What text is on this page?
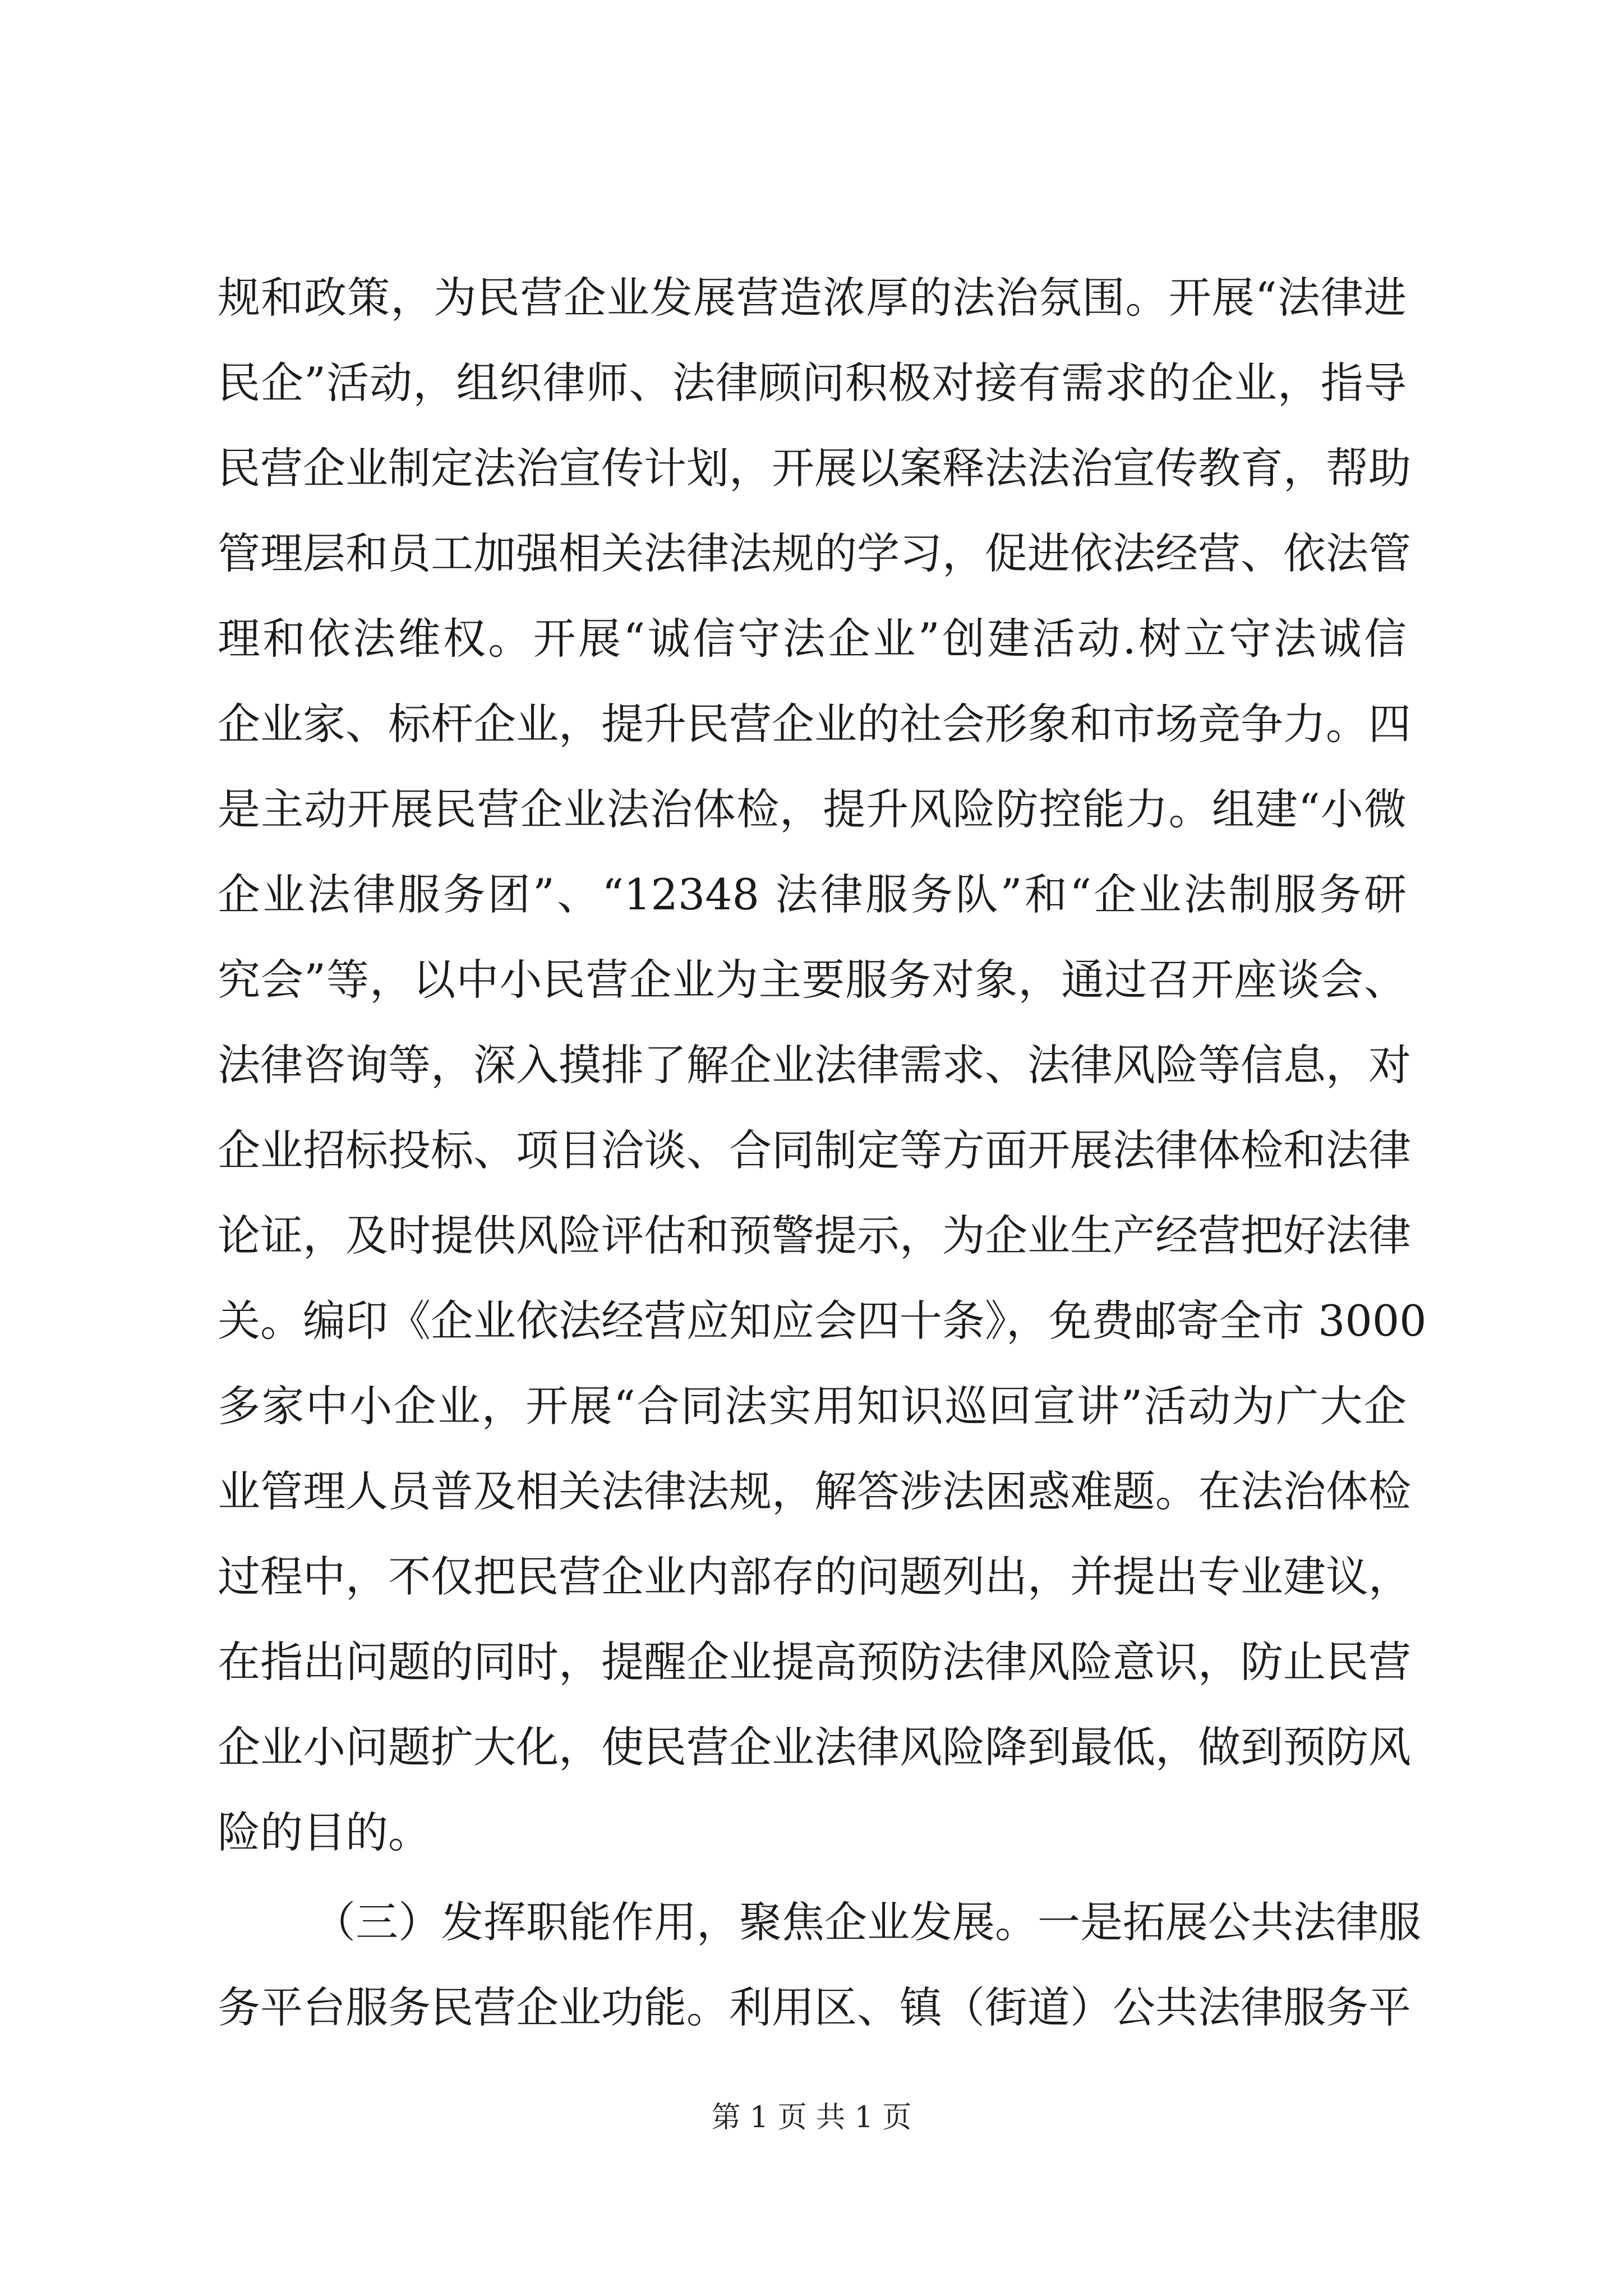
规和政策，为民营企业发展营造浓厚的法治氛围。开展“法律进
民企”活动，组织律师、法律顾问积极对接有需求的企业，指导
民营企业制定法治宣传计划，开展以案释法法治宣传教育，帮助
管理层和员工加强相关法律法规的学习，促进依法经营、依法管
理和依法维权。开展“诚信守法企业”创建活动.树立守法诚信
企业家、标杆企业，提升民营企业的社会形象和市场竞争力。四
是主动开展民营企业法治体检，提升风险防控能力。组建“小微
企业法律服务团”、“12348 法律服务队”和“企业法制服务研
究会”等，以中小民营企业为主要服务对象，通过召开座谈会、
法律咨询等，深入摸排了解企业法律需求、法律风险等信息，对
企业招标投标、项目洽谈、合同制定等方面开展法律体检和法律
论证，及时提供风险评估和预警提示，为企业生产经营把好法律
关。编印《企业依法经营应知应会四十条》，免费邮寄全市 3000
多家中小企业，开展“合同法实用知识巡回宣讲”活动为广大企
业管理人员普及相关法律法规，解答涉法困惑难题。在法治体检
过程中，不仅把民营企业内部存的问题列出，并提出专业建议，
在指出问题的同时，提醒企业提高预防法律风险意识，防止民营
企业小问题扩大化，使民营企业法律风险降到最低，做到预防风
险的目的。
（三）发挥职能作用，聚焦企业发展。一是拓展公共法律服
务平台服务民营企业功能。利用区、镇（街道）公共法律服务平
第 1 页 共 1 页
